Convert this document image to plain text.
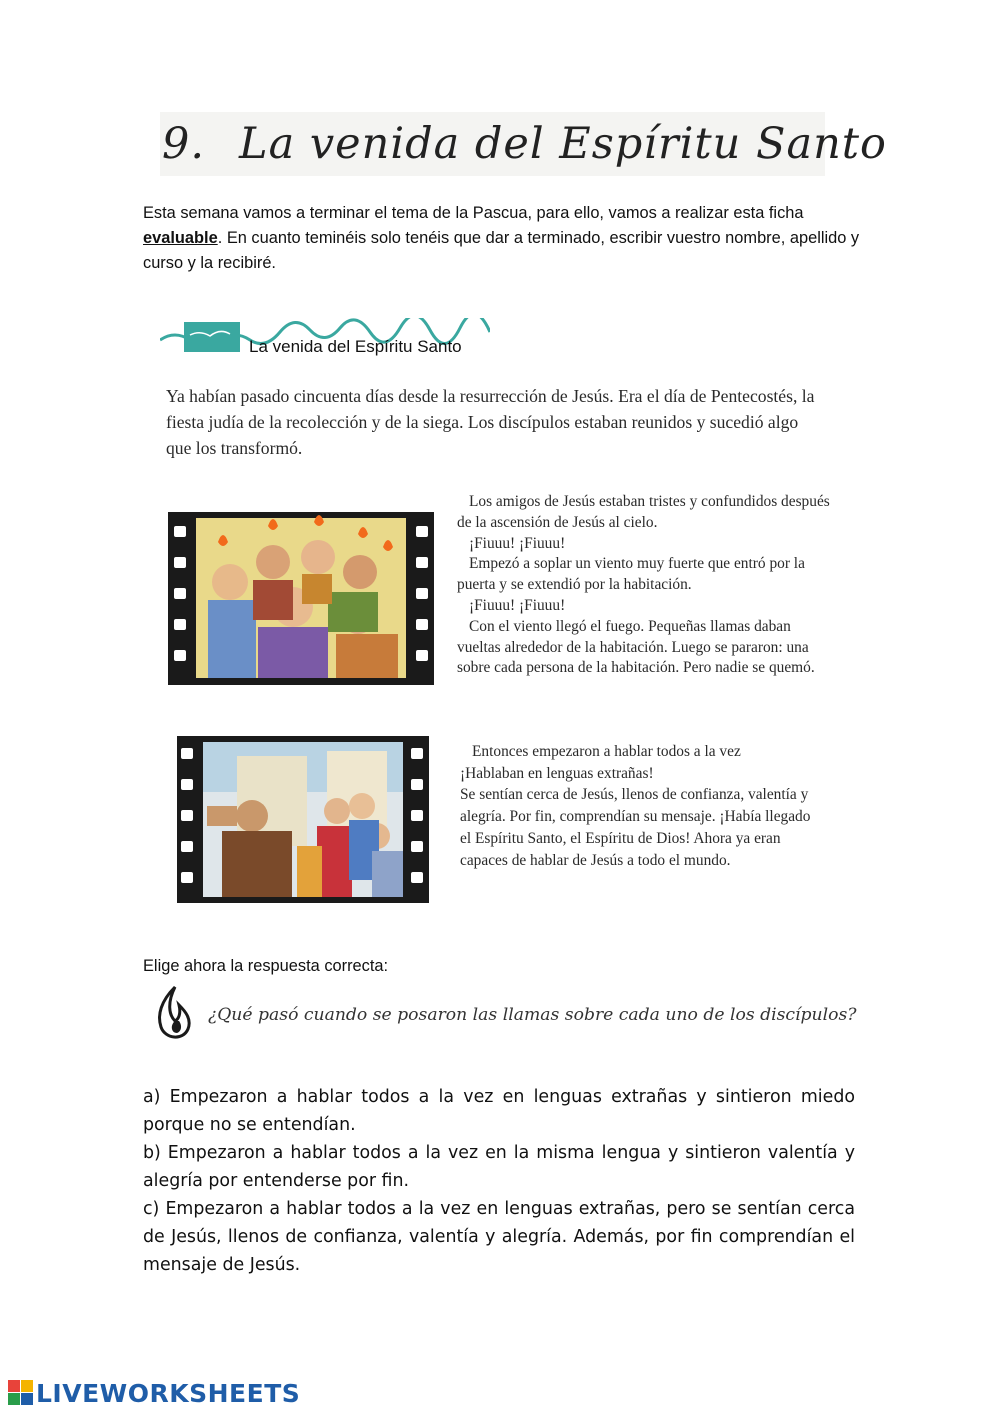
9. La venida del Espíritu Santo
Esta semana vamos a terminar el tema de la Pascua, para ello, vamos a realizar esta ficha evaluable. En cuanto teminéis solo tenéis que dar a terminado, escribir vuestro nombre, apellido y curso y la recibiré.
La venida del Espíritu Santo
Ya habían pasado cincuenta días desde la resurrección de Jesús. Era el día de Pentecostés, la fiesta judía de la recolección y de la siega. Los discípulos estaban reunidos y sucedió algo que los transformó.

Los amigos de Jesús estaban tristes y confundidos después de la ascensión de Jesús al cielo.

¡Fiuuu! ¡Fiuuu!

Empezó a soplar un viento muy fuerte que entró por la puerta y se extendió por la habitación.

¡Fiuuu! ¡Fiuuu!

Con el viento llegó el fuego. Pequeñas llamas daban vueltas alrededor de la habitación. Luego se pararon: una sobre cada persona de la habitación. Pero nadie se quemó.

Entonces empezaron a hablar todos a la vez

¡Hablaban en lenguas extrañas!

Se sentían cerca de Jesús, llenos de confianza, valentía y alegría. Por fin, comprendían su mensaje. ¡Había llegado el Espíritu Santo, el Espíritu de Dios! Ahora ya eran capaces de hablar de Jesús a todo el mundo.

Elige ahora la respuesta correcta:
¿Qué pasó cuando se posaron las llamas sobre cada uno de los discípulos?

a) Empezaron a hablar todos a la vez en lenguas extrañas y sintieron miedo porque no se entendían.

b) Empezaron a hablar todos a la vez en la misma lengua y sintieron valentía y alegría por entenderse por fin.

c) Empezaron a hablar todos a la vez en lenguas extrañas, pero se sentían cerca de Jesús, llenos de confianza, valentía y alegría. Además, por fin comprendían el mensaje de Jesús.

LIVEWORKSHEETS
